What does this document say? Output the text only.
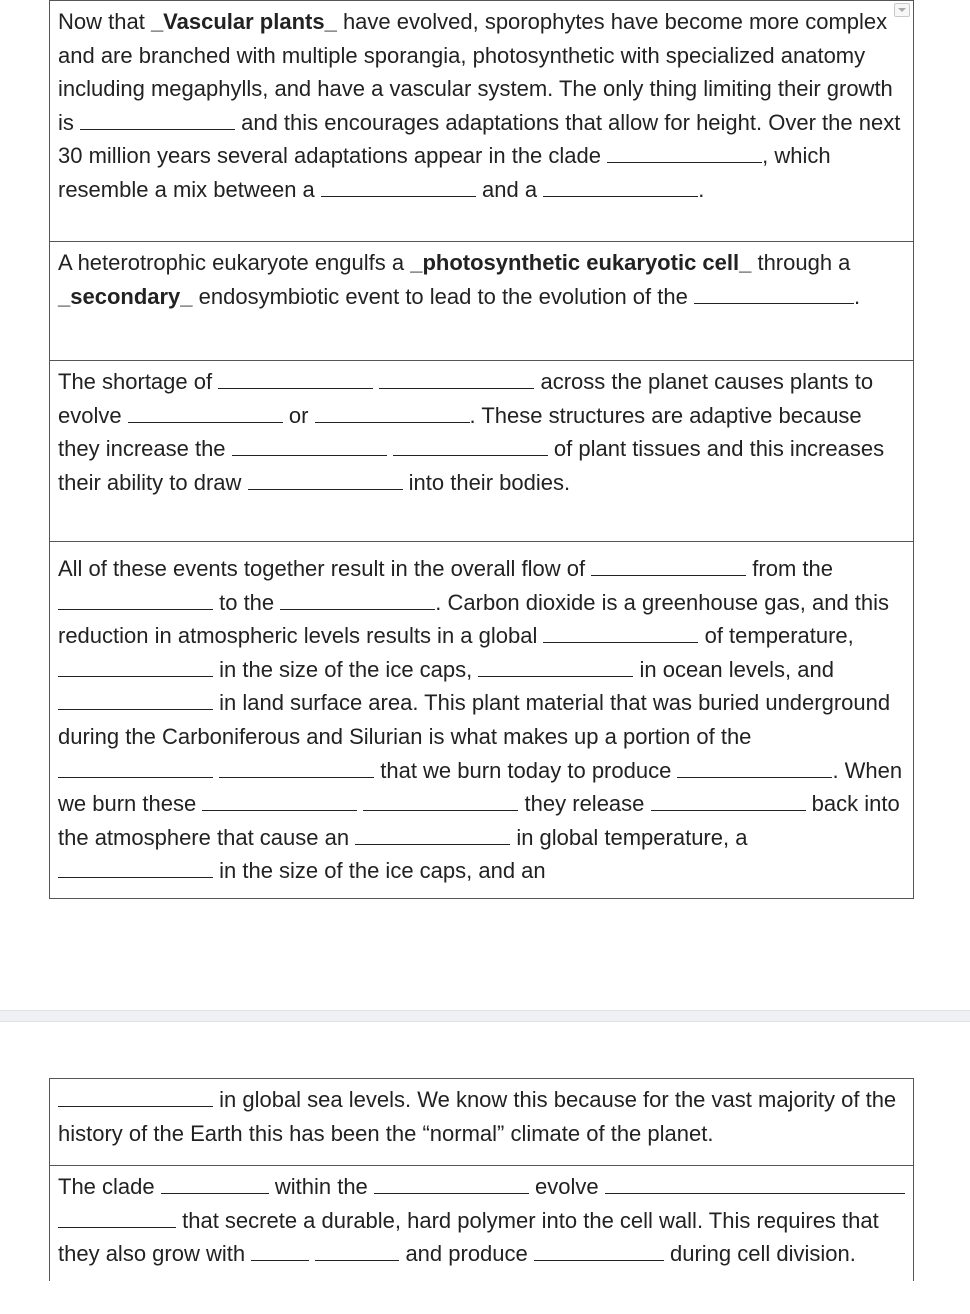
Now that _Vascular plants_ have evolved, sporophytes have become more complex and are branched with multiple sporangia, photosynthetic with specialized anatomy including megaphylls, and have a vascular system. The only thing limiting their growth is	and this encourages adaptations that allow for height. Over the next 30 million years several adaptations appear in the clade	, which resemble a mix between a	and a	.
A heterotrophic eukaryote engulfs a _photosynthetic eukaryotic cell_ through a _secondary_ endosymbiotic event to lead to the evolution of the	.
The shortage of	across the planet causes plants to evolve	or	. These structures are adaptive because they increase the	of plant tissues and this increases their ability to draw	into their bodies.
All of these events together result in the overall flow of	from the  to the	. Carbon dioxide is a greenhouse gas, and this reduction in atmospheric levels results in a global	of temperature,  in the size of the ice caps,	in ocean levels, and  in land surface area. This plant material that was buried underground during the Carboniferous and Silurian is what makes up a portion of the   that we burn today to produce	. When we burn these	they release	back into the atmosphere that cause an	in global temperature, a  in the size of the ice caps, and an
in global sea levels. We know this because for the vast majority of the history of the Earth this has been the “normal” climate of the planet.
The clade	within the	evolve   that secrete a durable, hard polymer into the cell wall. This requires that they also grow with	and produce	during cell division.
